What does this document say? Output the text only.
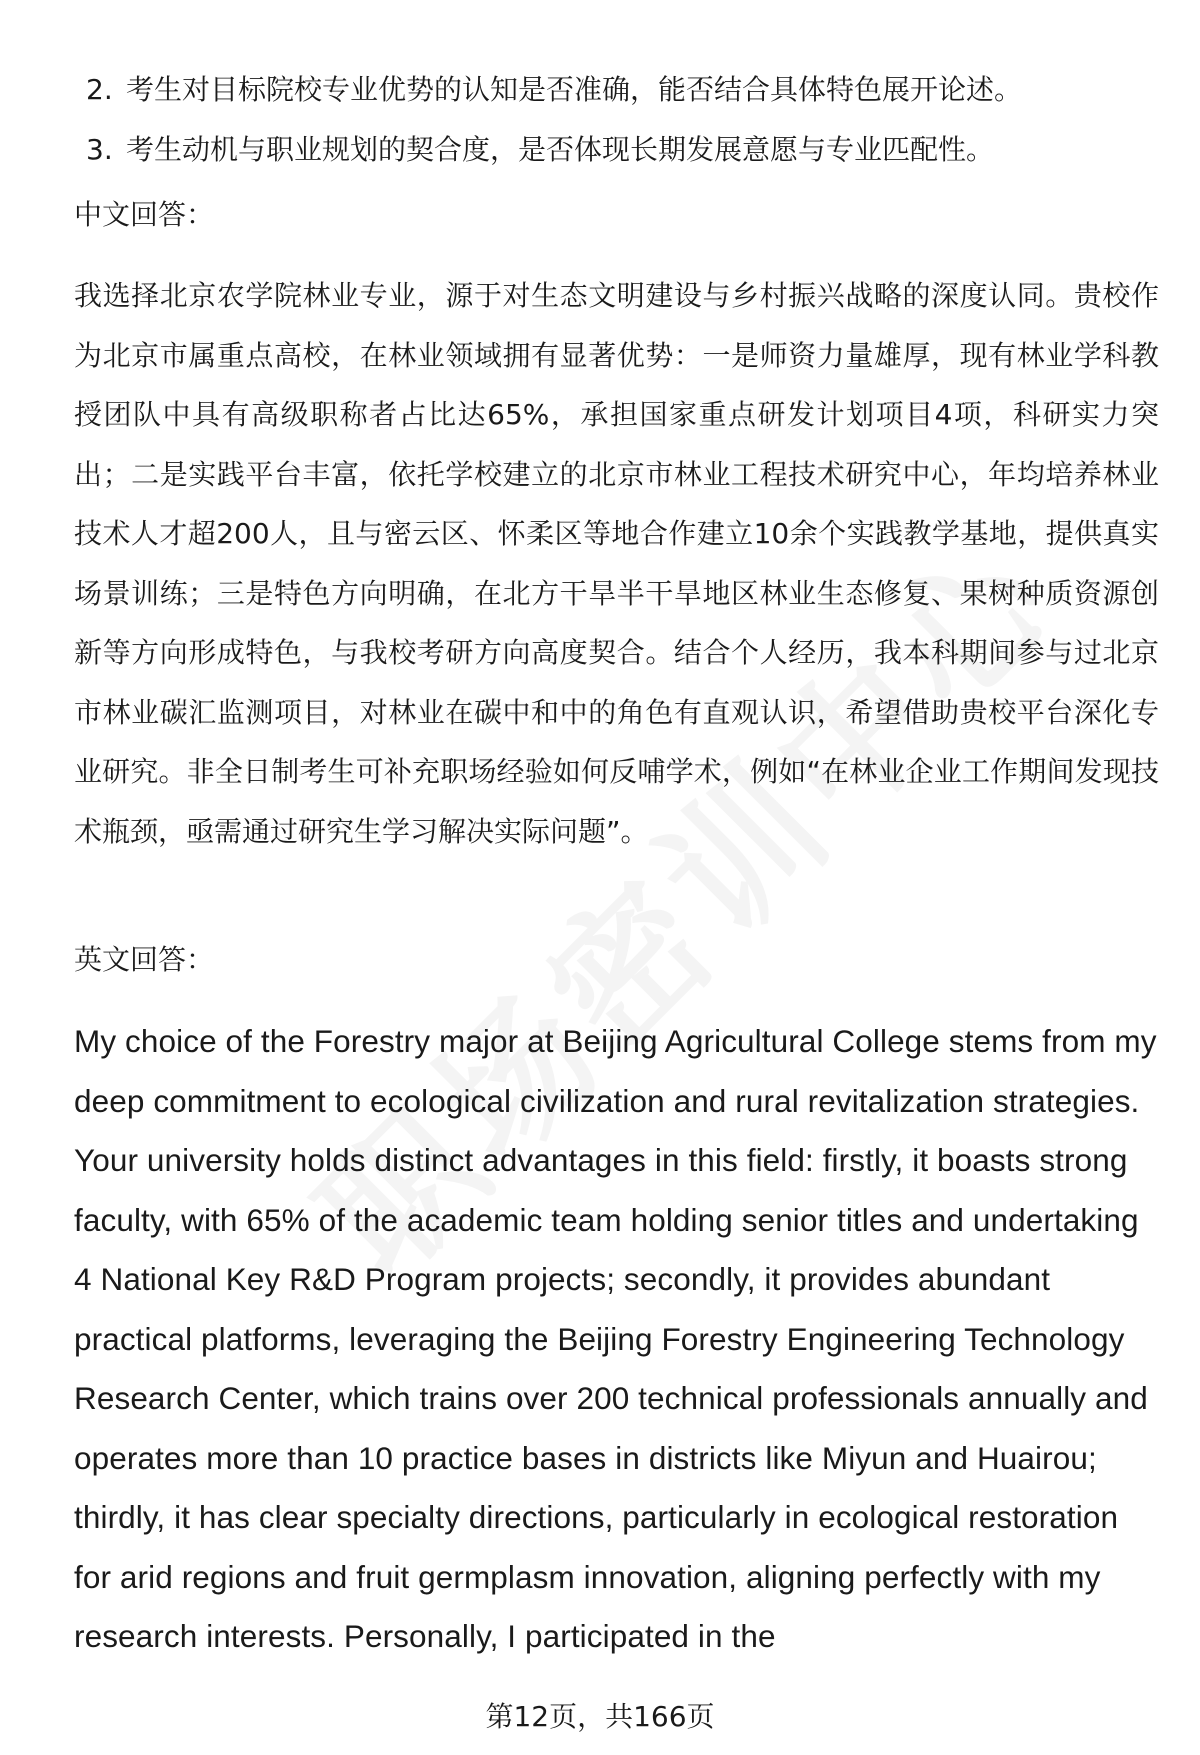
2. 考生对目标院校专业优势的认知是否准确，能否结合具体特色展开论述。
3. 考生动机与职业规划的契合度，是否体现长期发展意愿与专业匹配性。
中文回答：

我选择北京农学院林业专业，源于对生态文明建设与乡村振兴战略的深度认同。贵校作为北京市属重点高校，在林业领域拥有显著优势：一是师资力量雄厚，现有林业学科教授团队中具有高级职称者占比达65%，承担国家重点研发计划项目4项，科研实力突出；二是实践平台丰富，依托学校建立的北京市林业工程技术研究中心，年均培养林业技术人才超200人，且与密云区、怀柔区等地合作建立10余个实践教学基地，提供真实场景训练；三是特色方向明确，在北方干旱半干旱地区林业生态修复、果树种质资源创新等方向形成特色，与我校考研方向高度契合。结合个人经历，我本科期间参与过北京市林业碳汇监测项目，对林业在碳中和中的角色有直观认识，希望借助贵校平台深化专业研究。非全日制考生可补充职场经验如何反哺学术，例如“在林业企业工作期间发现技术瓶颈，亟需通过研究生学习解决实际问题”。

英文回答：

My choice of the Forestry major at Beijing Agricultural College stems from my deep commitment to ecological civilization and rural revitalization strategies. Your university holds distinct advantages in this field: firstly, it boasts strong faculty, with 65% of the academic team holding senior titles and undertaking 4 National Key R&D Program projects; secondly, it provides abundant practical platforms, leveraging the Beijing Forestry Engineering Technology Research Center, which trains over 200 technical professionals annually and operates more than 10 practice bases in districts like Miyun and Huairou; thirdly, it has clear specialty directions, particularly in ecological restoration for arid regions and fruit germplasm innovation, aligning perfectly with my research interests. Personally, I participated in the

第12页，共166页
